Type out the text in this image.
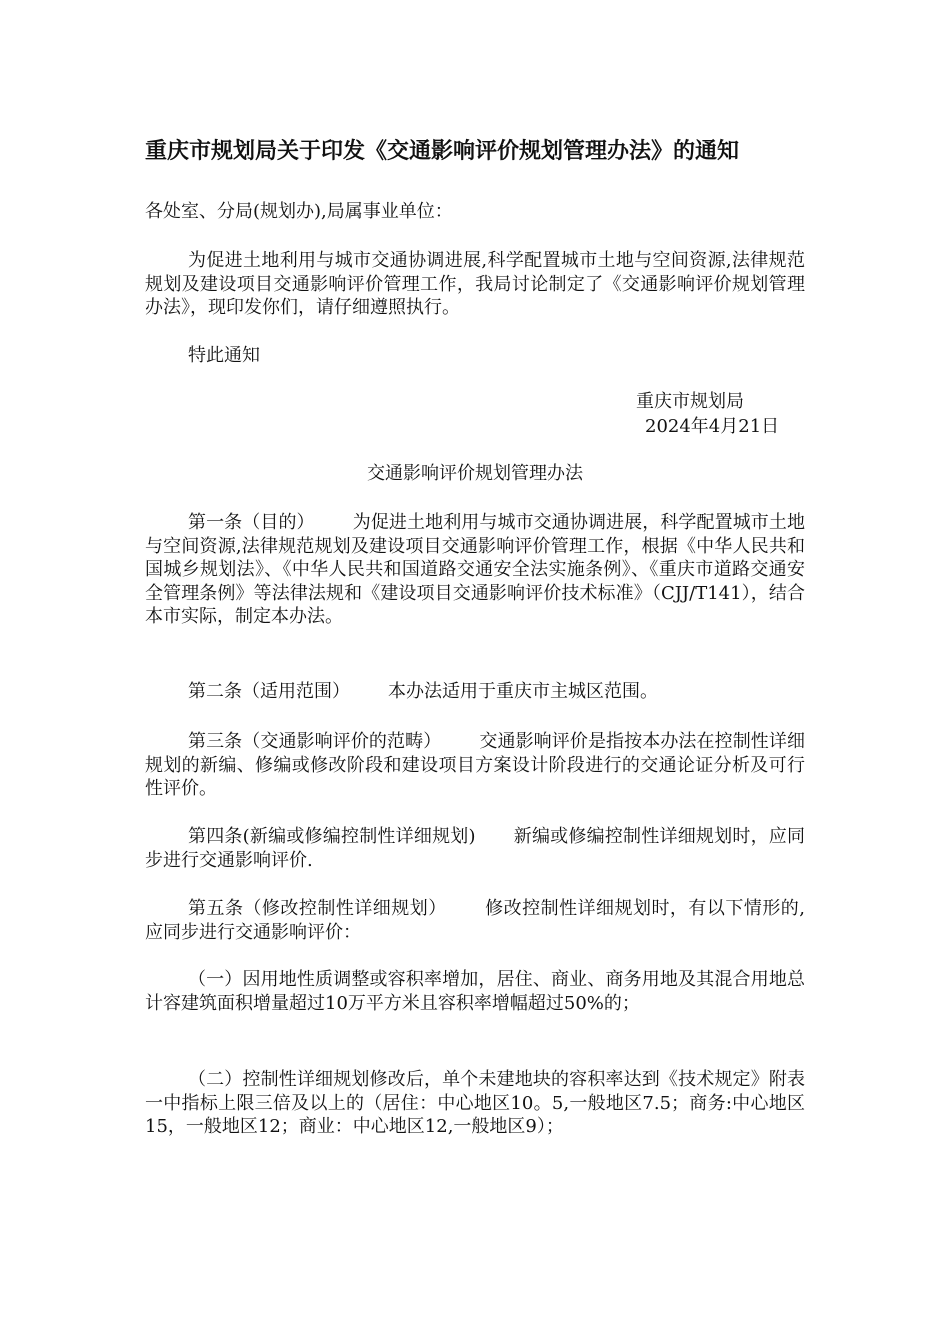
重庆市规划局关于印发《交通影响评价规划管理办法》的通知
各处室、分局(规划办),局属事业单位：
为促进土地利用与城市交通协调进展,科学配置城市土地与空间资源,法律规范规划及建设项目交通影响评价管理工作，我局讨论制定了《交通影响评价规划管理办法》，现印发你们，请仔细遵照执行。
特此通知
重庆市规划局
2024年4月21日
交通影响评价规划管理办法
第一条（目的） 为促进土地利用与城市交通协调进展，科学配置城市土地与空间资源,法律规范规划及建设项目交通影响评价管理工作，根据《中华人民共和国城乡规划法》、《中华人民共和国道路交通安全法实施条例》、《重庆市道路交通安全管理条例》等法律法规和《建设项目交通影响评价技术标准》（CJJ/T141），结合本市实际，制定本办法。
第二条（适用范围） 本办法适用于重庆市主城区范围。
第三条（交通影响评价的范畴） 交通影响评价是指按本办法在控制性详细规划的新编、修编或修改阶段和建设项目方案设计阶段进行的交通论证分析及可行性评价。
第四条(新编或修编控制性详细规划) 新编或修编控制性详细规划时，应同步进行交通影响评价.
第五条（修改控制性详细规划） 修改控制性详细规划时，有以下情形的,应同步进行交通影响评价：
（一）因用地性质调整或容积率增加，居住、商业、商务用地及其混合用地总计容建筑面积增量超过10万平方米且容积率增幅超过50%的；
（二）控制性详细规划修改后，单个未建地块的容积率达到《技术规定》附表一中指标上限三倍及以上的（居住：中心地区10。5,一般地区7.5；商务:中心地区15，一般地区12；商业：中心地区12,一般地区9）；
